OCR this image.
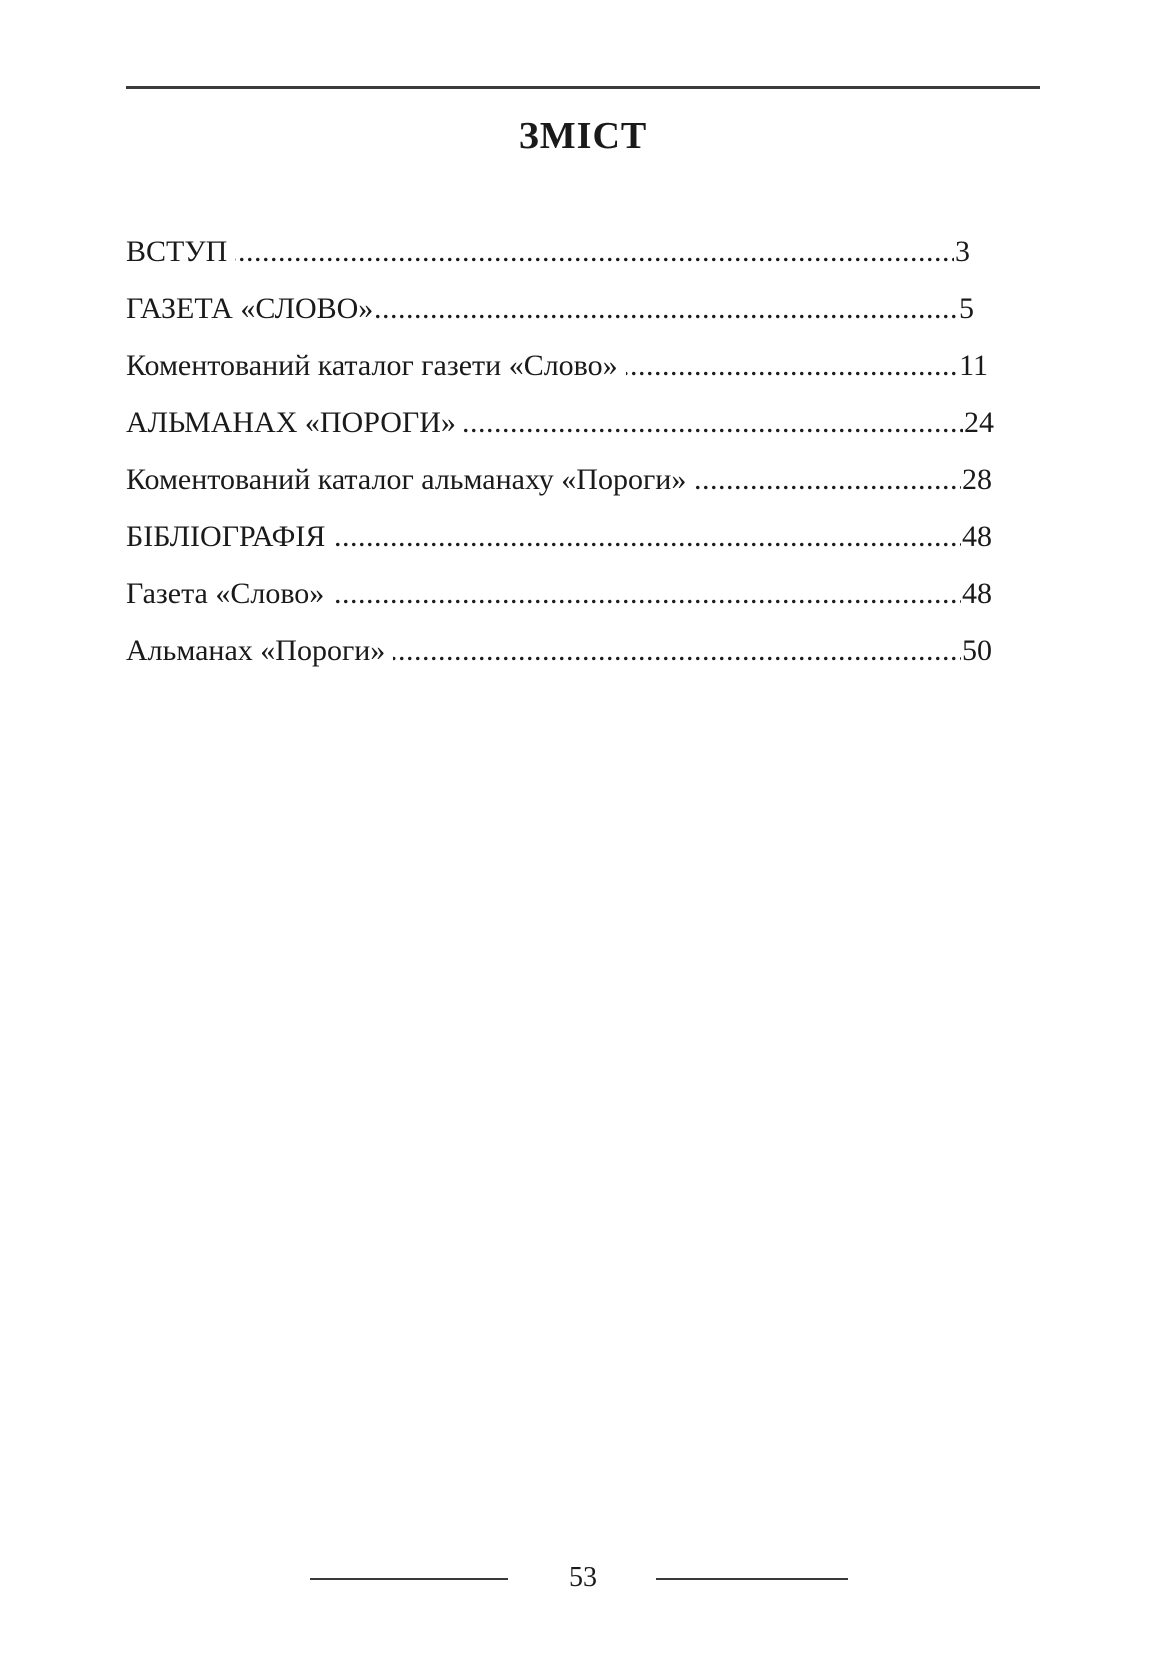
ЗМІСТ
.....
ВСТУП	3
.....
ГАЗЕТА «СЛОВО»	5
.....
Коментований каталог газети «Слово»	11
.....
АЛЬМАНАХ «ПОРОГИ»	24
.....
Коментований каталог альманаху «Пороги»	28
.....
БІБЛІОГРАФІЯ	48
.....
Газета «Слово»	48
.....
Альманах «Пороги»	50
53
